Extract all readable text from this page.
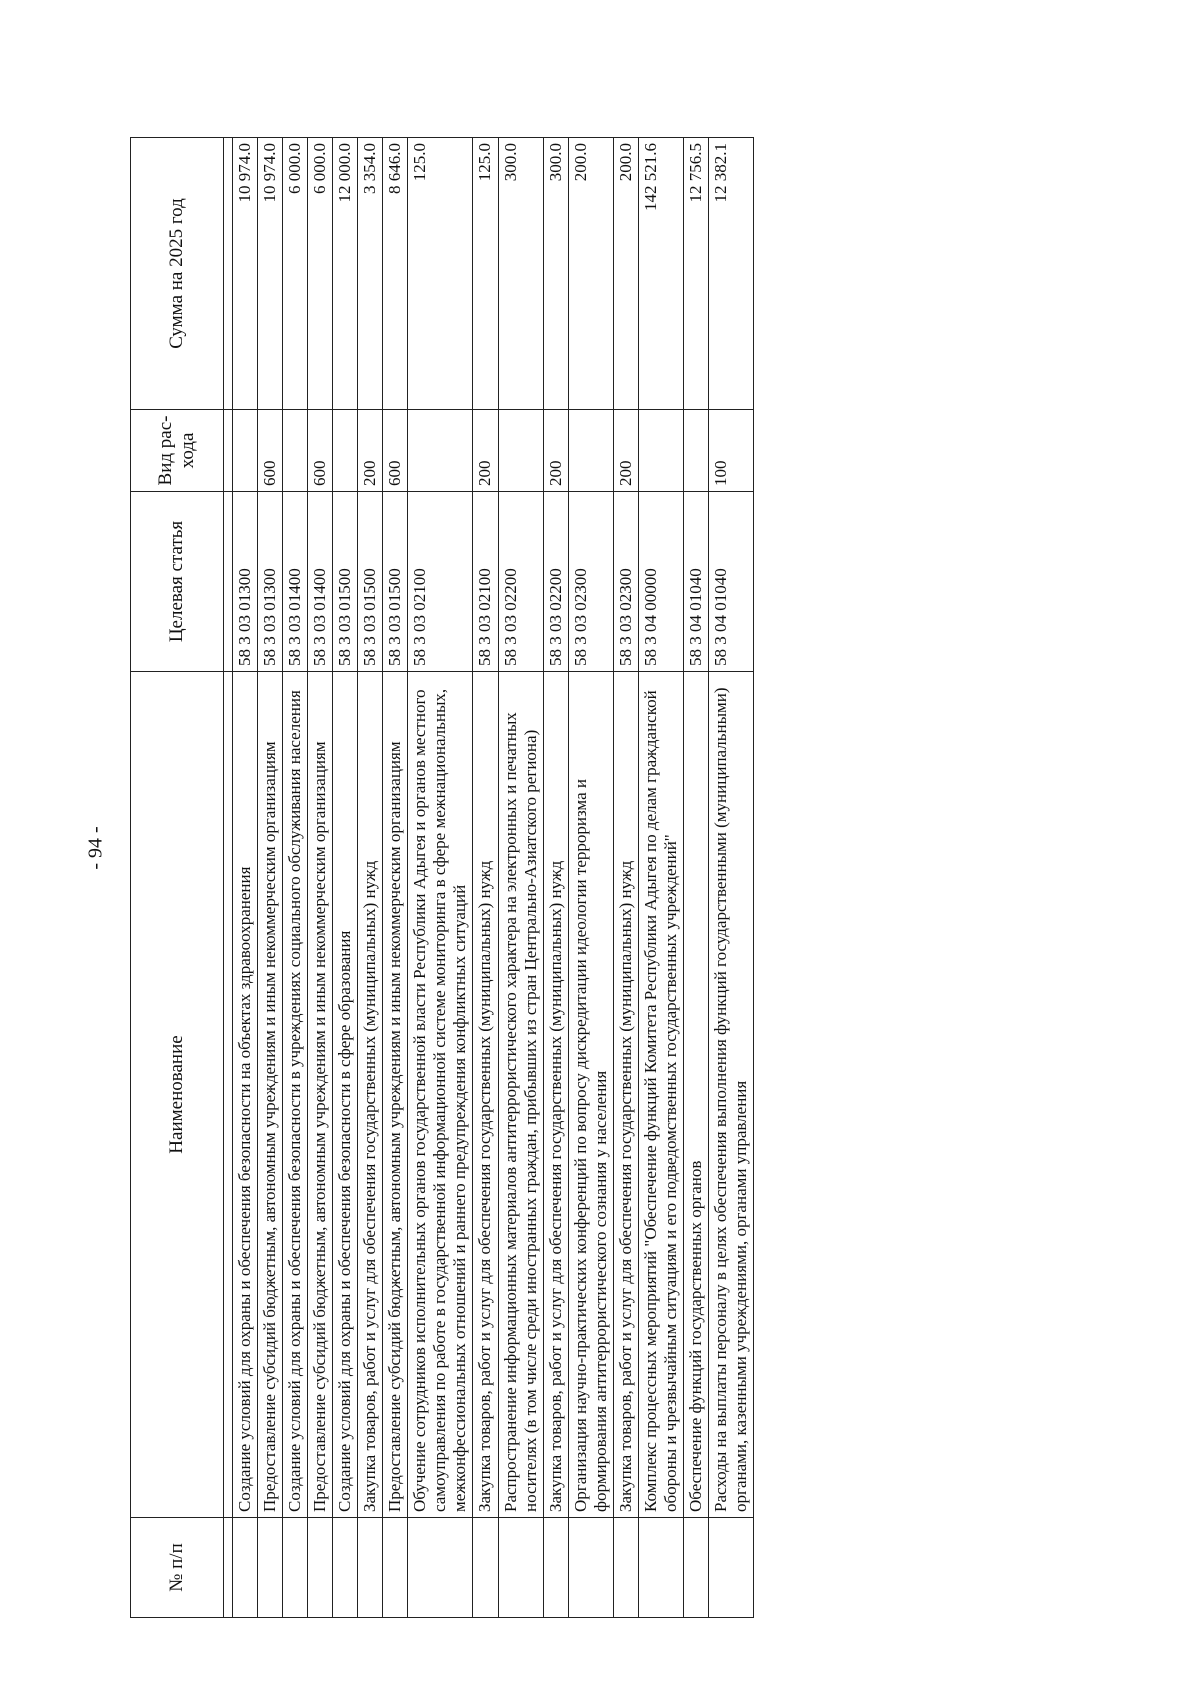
- 94 -
№ п/п	Наименование	Целевая статья	Вид рас-хода	Сумма на 2025 год

	Создание условий для охраны и обеспечения безопасности на объектах здравоохранения	58 3 03 01300		10 974.0
	Предоставление субсидий бюджетным, автономным учреждениям и иным некоммерческим организациям	58 3 03 01300	600	10 974.0
	Создание условий для охраны и обеспечения безопасности в учреждениях социального обслуживания населения	58 3 03 01400		6 000.0
	Предоставление субсидий бюджетным, автономным учреждениям и иным некоммерческим организациям	58 3 03 01400	600	6 000.0
	Создание условий для охраны и обеспечения безопасности в сфере образования	58 3 03 01500		12 000.0
	Закупка товаров, работ и услуг для обеспечения государственных (муниципальных) нужд	58 3 03 01500	200	3 354.0
	Предоставление субсидий бюджетным, автономным учреждениям и иным некоммерческим организациям	58 3 03 01500	600	8 646.0
	Обучение сотрудников исполнительных органов государственной власти Республики Адыгея и органов местного самоуправления по работе в государственной информационной системе мониторинга в сфере межнациональных, межконфессиональных отношений и раннего предупреждения конфликтных ситуаций	58 3 03 02100		125.0
	Закупка товаров, работ и услуг для обеспечения государственных (муниципальных) нужд	58 3 03 02100	200	125.0
	Распространение информационных материалов антитеррористического характера на электронных и печатных носителях (в том числе среди иностранных граждан, прибывших из стран Центрально-Азиатского региона)	58 3 03 02200		300.0
	Закупка товаров, работ и услуг для обеспечения государственных (муниципальных) нужд	58 3 03 02200	200	300.0
	Организация научно-практических конференций по вопросу дискредитации идеологии терроризма и формирования антитеррористического сознания у населения	58 3 03 02300		200.0
	Закупка товаров, работ и услуг для обеспечения государственных (муниципальных) нужд	58 3 03 02300	200	200.0
	Комплекс процессных мероприятий "Обеспечение функций Комитета Республики Адыгея по делам гражданской обороны и чрезвычайным ситуациям и его подведомственных государственных учреждений"	58 3 04 00000		142 521.6
	Обеспечение функций государственных органов	58 3 04 01040		12 756.5
	Расходы на выплаты персоналу в целях обеспечения выполнения функций государственными (муниципальными) органами, казенными учреждениями, органами управления	58 3 04 01040	100	12 382.1
